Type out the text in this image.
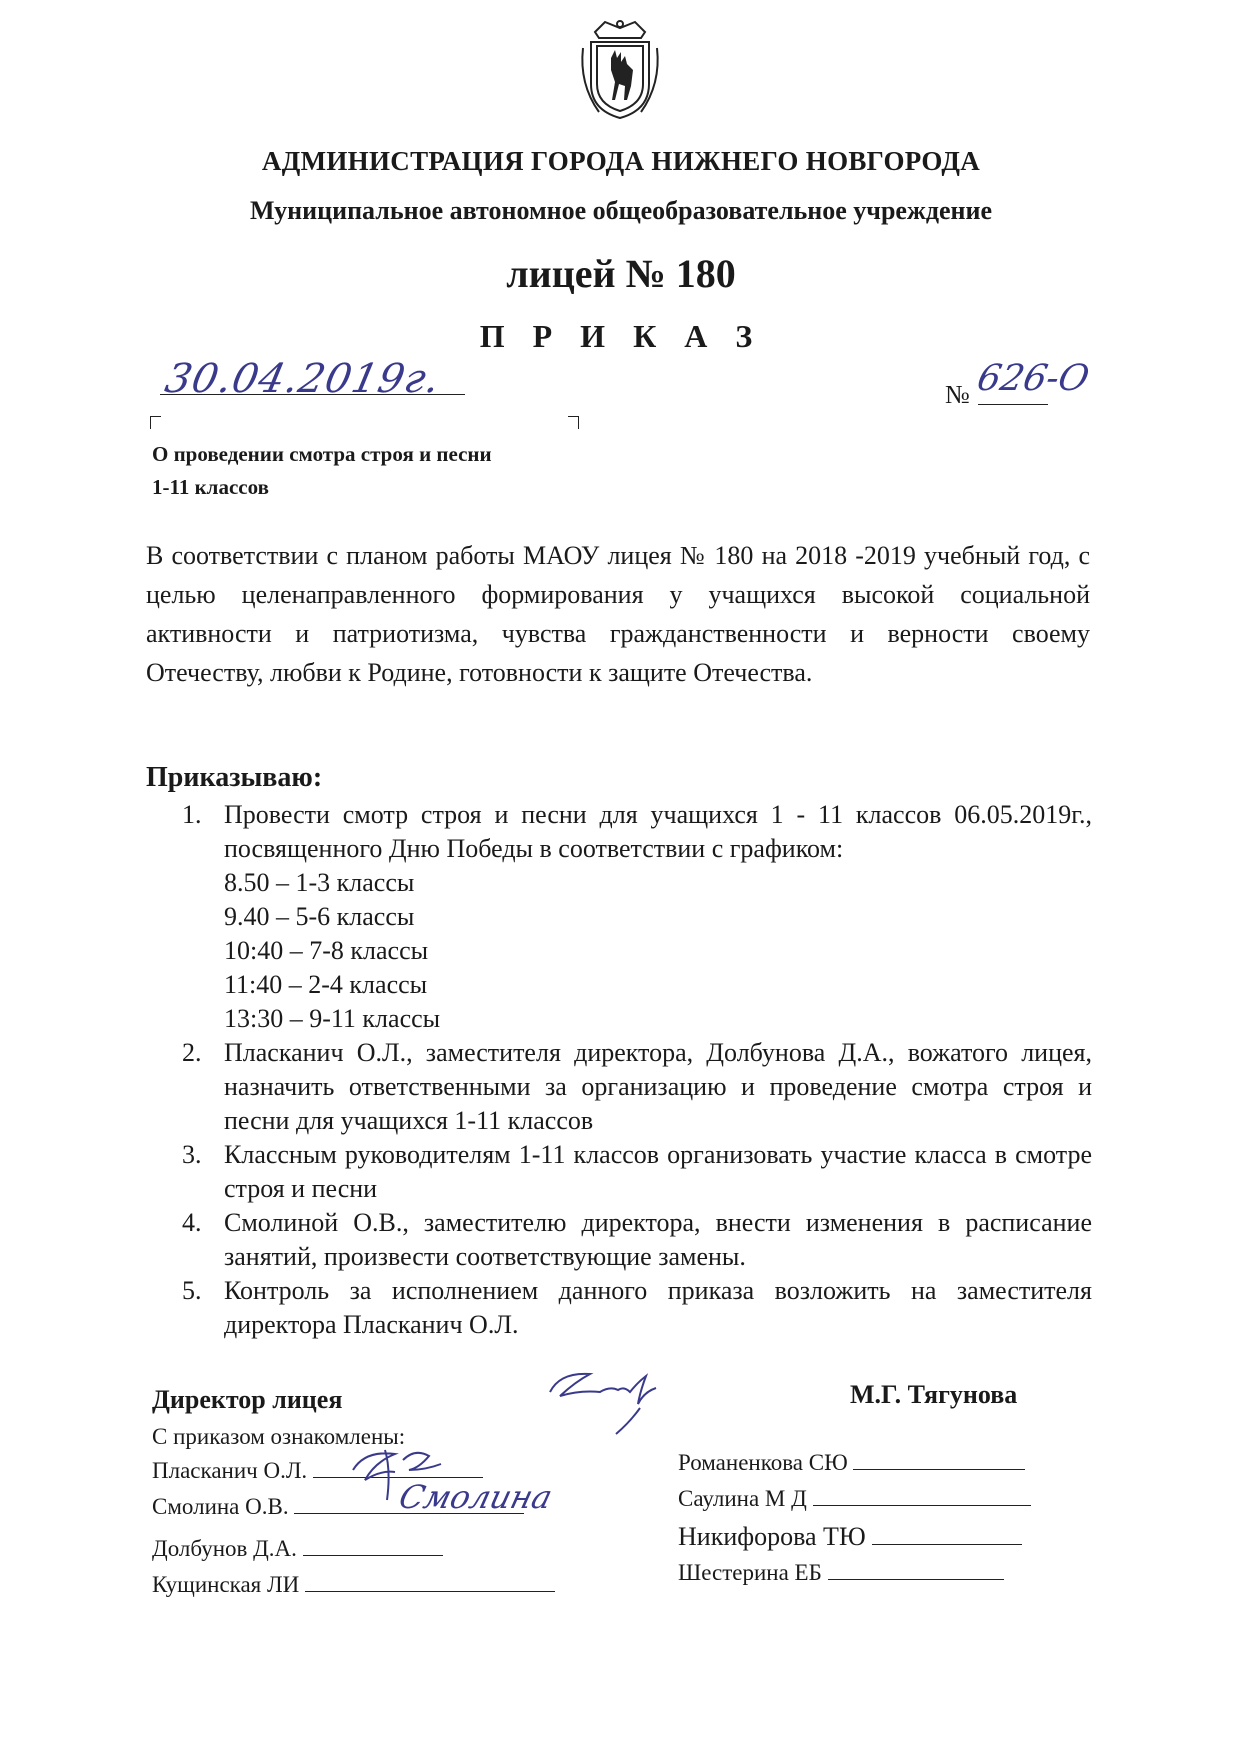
АДМИНИСТРАЦИЯ ГОРОДА НИЖНЕГО НОВГОРОДА
Муниципальное автономное общеобразовательное учреждение
лицей № 180
П Р И К А З
30.04.2019г.	№ 626-О
О проведении смотра строя и песни
1-11 классов
В соответствии с планом работы МАОУ лицея № 180 на 2018 -2019 учебный год, с целью целенаправленного формирования у учащихся высокой социальной активности и патриотизма, чувства гражданственности и верности своему Отечеству, любви к Родине, готовности к защите Отечества.
Приказываю:
1. Провести смотр строя и песни для учащихся 1 - 11 классов 06.05.2019г., посвященного Дню Победы в соответствии с графиком:
8.50 – 1-3 классы
9.40 – 5-6 классы
10:40 – 7-8 классы
11:40 – 2-4 классы
13:30 – 9-11 классы
2. Пласканич О.Л., заместителя директора, Долбунова Д.А., вожатого лицея, назначить ответственными за организацию и проведение смотра строя и песни для учащихся 1-11 классов
3. Классным руководителям 1-11 классов организовать участие класса в смотре строя и песни
4. Смолиной О.В., заместителю директора, внести изменения в расписание занятий, произвести соответствующие замены.
5. Контроль за исполнением данного приказа возложить на заместителя директора Пласканич О.Л.
Директор лицея	М.Г. Тягунова
С приказом ознакомлены:
Пласканич О.Л.
Смолина О.В.
Долбунов Д.А.
Кущинская ЛИ
Смолина
Романенкова СЮ
Саулина М Д
Никифорова ТЮ
Шестерина ЕБ
